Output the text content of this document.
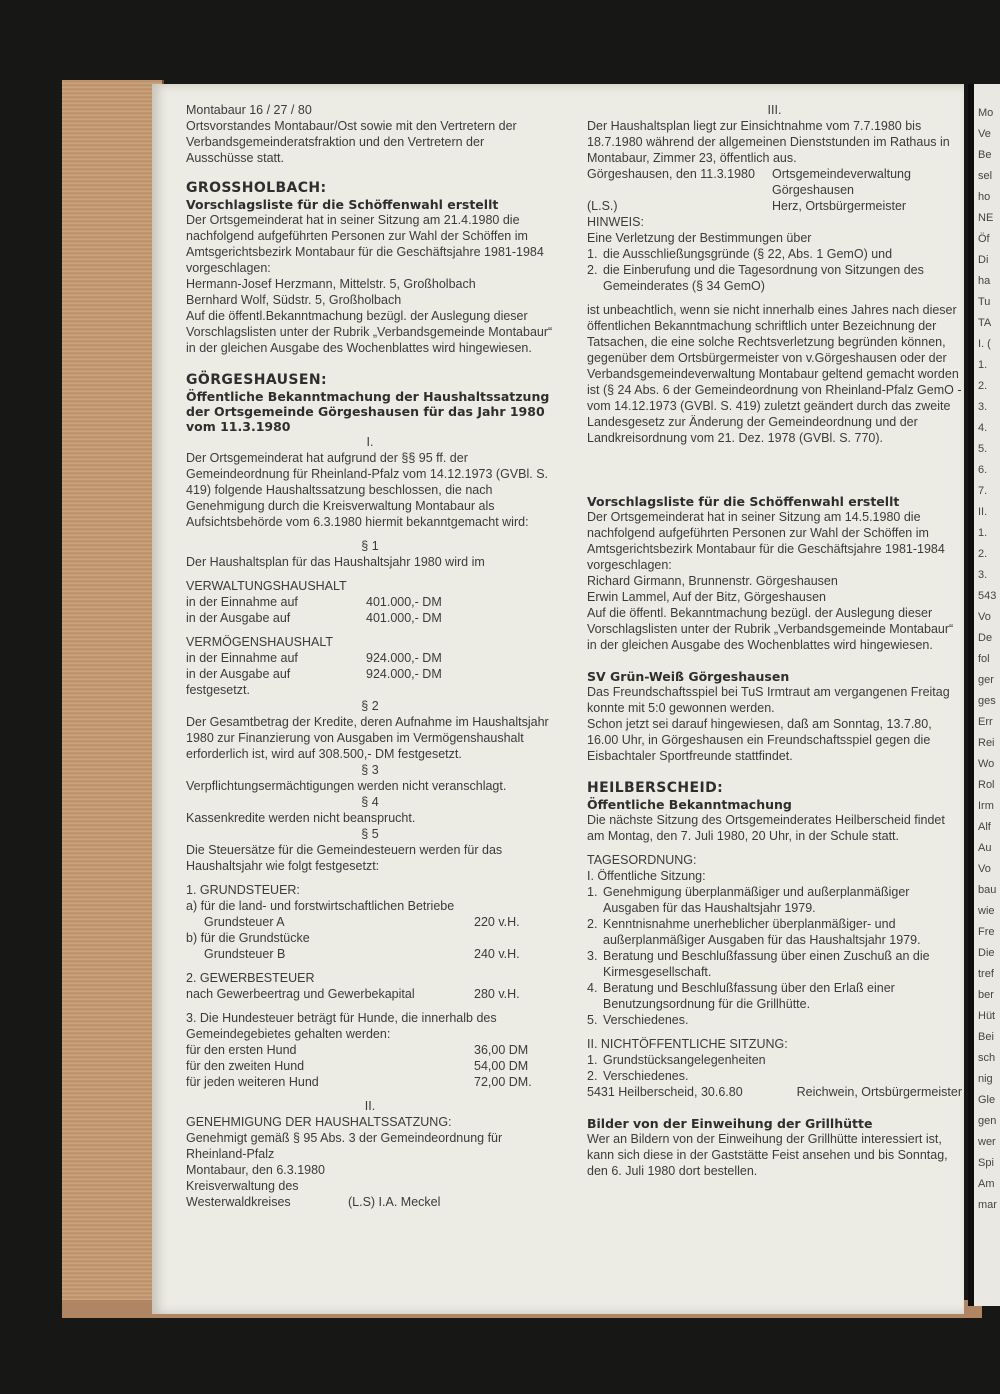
Mo
Ve
Be
sel
ho
NE
Öf
Di
ha
Tu
TA
I. (
1.
2.
3.
4.
5.
6.
7.
II.
1.
2.
3.
543
Vo
De
fol
ger
ges
Err
Rei
Wo
Rol
Irm
Alf
Au
Vo
bau
wie
Fre
Die
tref
ber
Hüt
Bei
sch
nig
Gle
gen
wer
Spi
Am
mar

Montabaur 16 / 27 / 80

Ortsvorstandes Montabaur/Ost sowie mit den Vertretern der Verbandsgemeinderatsfraktion und den Vertretern der Ausschüsse statt.

GROSSHOLBACH:

Vorschlagsliste für die Schöffenwahl erstellt

Der Ortsgemeinderat hat in seiner Sitzung am 21.4.1980 die nachfolgend aufgeführten Personen zur Wahl der Schöffen im Amtsgerichtsbezirk Montabaur für die Geschäftsjahre 1981-1984 vorgeschlagen:

Hermann-Josef Herzmann, Mittelstr. 5, Großholbach

Bernhard Wolf, Südstr. 5, Großholbach

Auf die öffentl.Bekanntmachung bezügl. der Auslegung dieser Vorschlagslisten unter der Rubrik „Verbandsgemeinde Montabaur“ in der gleichen Ausgabe des Wochenblattes wird hingewiesen.

GÖRGESHAUSEN:

Öffentliche Bekanntmachung der Haushaltssatzung der Ortsgemeinde Görgeshausen für das Jahr 1980 vom 11.3.1980

I.

Der Ortsgemeinderat hat aufgrund der §§ 95 ff. der Gemeindeordnung für Rheinland-Pfalz vom 14.12.1973 (GVBl. S. 419) folgende Haushaltssatzung beschlossen, die nach Genehmigung durch die Kreisverwaltung Montabaur als Aufsichtsbehörde vom 6.3.1980 hiermit bekanntgemacht wird:

§ 1

Der Haushaltsplan für das Haushaltsjahr 1980 wird im

VERWALTUNGSHAUSHALT

in der Einnahme auf	401.000,- DM
in der Ausgabe auf	401.000,- DM

VERMÖGENSHAUSHALT

in der Einnahme auf	924.000,- DM
in der Ausgabe auf	924.000,- DM

festgesetzt.

§ 2

Der Gesamtbetrag der Kredite, deren Aufnahme im Haushaltsjahr 1980 zur Finanzierung von Ausgaben im Vermögenshaushalt erforderlich ist, wird auf 308.500,- DM festgesetzt.

§ 3

Verpflichtungsermächtigungen werden nicht veranschlagt.

§ 4

Kassenkredite werden nicht beansprucht.

§ 5

Die Steuersätze für die Gemeindesteuern werden für das Haushaltsjahr wie folgt festgesetzt:

1. GRUNDSTEUER:

a) für die land- und forstwirtschaftlichen Betriebe

Grundsteuer A	220 v.H.

b) für die Grundstücke

Grundsteuer B	240 v.H.

2. GEWERBESTEUER

nach Gewerbeertrag und Gewerbekapital	280 v.H.

3. Die Hundesteuer beträgt für Hunde, die innerhalb des Gemeindegebietes gehalten werden:

für den ersten Hund	36,00 DM
für den zweiten Hund	54,00 DM
für jeden weiteren Hund	72,00 DM.

II.

GENEHMIGUNG DER HAUSHALTSSATZUNG:

Genehmigt gemäß § 95 Abs. 3 der Gemeindeordnung für Rheinland-Pfalz

Montabaur, den 6.3.1980

Kreisverwaltung des

Westerwaldkreises	(L.S) I.A. Meckel

III.

Der Haushaltsplan liegt zur Einsichtnahme vom 7.7.1980 bis 18.7.1980 während der allgemeinen Dienststunden im Rathaus in Montabaur, Zimmer 23, öffentlich aus.

Görgeshausen, den 11.3.1980	Ortsgemeindeverwaltung
Görgeshausen
(L.S.)	Herz, Ortsbürgermeister

HINWEIS:

Eine Verletzung der Bestimmungen über

1. die Ausschließungsgründe (§ 22, Abs. 1 GemO) und
2. die Einberufung und die Tagesordnung von Sitzungen des Gemeinderates (§ 34 GemO)

ist unbeachtlich, wenn sie nicht innerhalb eines Jahres nach dieser öffentlichen Bekanntmachung schriftlich unter Bezeichnung der Tatsachen, die eine solche Rechtsverletzung begründen können, gegenüber dem Ortsbürgermeister von v.Görgeshausen oder der Verbandsgemeindeverwaltung Montabaur geltend gemacht worden ist (§ 24 Abs. 6 der Gemeindeordnung von Rheinland-Pfalz GemO - vom 14.12.1973 (GVBl. S. 419) zuletzt geändert durch das zweite Landesgesetz zur Änderung der Gemeindeordnung und der Landkreisordnung vom 21. Dez. 1978 (GVBl. S. 770).

Vorschlagsliste für die Schöffenwahl erstellt

Der Ortsgemeinderat hat in seiner Sitzung am 14.5.1980 die nachfolgend aufgeführten Personen zur Wahl der Schöffen im Amtsgerichtsbezirk Montabaur für die Geschäftsjahre 1981-1984 vorgeschlagen:

Richard Girmann, Brunnenstr. Görgeshausen

Erwin Lammel, Auf der Bitz, Görgeshausen

Auf die öffentl. Bekanntmachung bezügl. der Auslegung dieser Vorschlagslisten unter der Rubrik „Verbandsgemeinde Montabaur“ in der gleichen Ausgabe des Wochenblattes wird hingewiesen.

SV Grün-Weiß Görgeshausen

Das Freundschaftsspiel bei TuS Irmtraut am vergangenen Freitag konnte mit 5:0 gewonnen werden.

Schon jetzt sei darauf hingewiesen, daß am Sonntag, 13.7.80, 16.00 Uhr, in Görgeshausen ein Freundschaftsspiel gegen die Eisbachtaler Sportfreunde stattfindet.

HEILBERSCHEID:

Öffentliche Bekanntmachung

Die nächste Sitzung des Ortsgemeinderates Heilberscheid findet am Montag, den 7. Juli 1980, 20 Uhr, in der Schule statt.

TAGESORDNUNG:

I. Öffentliche Sitzung:

1. Genehmigung überplanmäßiger und außerplanmäßiger Ausgaben für das Haushaltsjahr 1979.
2. Kenntnisnahme unerheblicher überplanmäßiger- und außerplanmäßiger Ausgaben für das Haushaltsjahr 1979.
3. Beratung und Beschlußfassung über einen Zuschuß an die Kirmesgesellschaft.
4. Beratung und Beschlußfassung über den Erlaß einer Benutzungsordnung für die Grillhütte.
5. Verschiedenes.

II. NICHTÖFFENTLICHE SITZUNG:

1. Grundstücksangelegenheiten
2. Verschiedenes.
5431 Heilberscheid, 30.6.80	Reichwein, Ortsbürgermeister

Bilder von der Einweihung der Grillhütte

Wer an Bildern von der Einweihung der Grillhütte interessiert ist, kann sich diese in der Gaststätte Feist ansehen und bis Sonntag, den 6. Juli 1980 dort bestellen.
